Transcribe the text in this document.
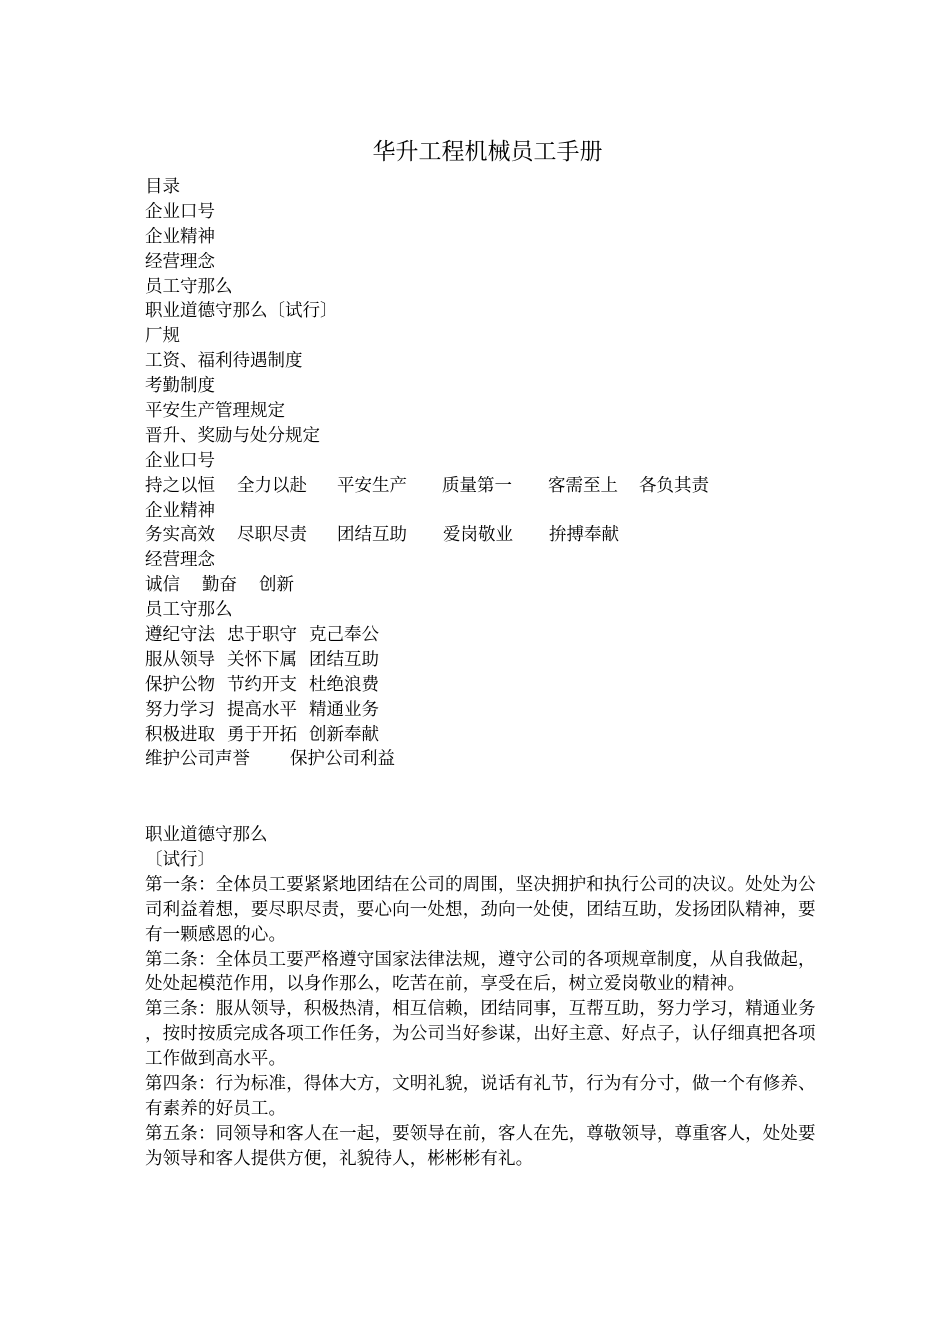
华升工程机械员工手册
目录
企业口号
企业精神
经营理念
员工守那么
职业道德守那么〔试行〕
厂规
工资、福利待遇制度
考勤制度
平安生产管理规定
晋升、奖励与处分规定
企业口号
持之以恒 全力以赴 平安生产 质量第一 客需至上 各负其责
企业精神
务实高效 尽职尽责 团结互助 爱岗敬业 拚搏奉献
经营理念
诚信 勤奋 创新
员工守那么
遵纪守法 忠于职守 克己奉公
服从领导 关怀下属 团结互助
保护公物 节约开支 杜绝浪费
努力学习 提高水平 精通业务
积极进取 勇于开拓 创新奉献
维护公司声誉 保护公司利益
职业道德守那么
〔试行〕

第一条：全体员工要紧紧地团结在公司的周围，坚决拥护和执行公司的决议。处处为公司利益着想，要尽职尽责，要心向一处想，劲向一处使，团结互助，发扬团队精神，要有一颗感恩的心。

第二条：全体员工要严格遵守国家法律法规，遵守公司的各项规章制度，从自我做起，处处起模范作用，以身作那么，吃苦在前，享受在后，树立爱岗敬业的精神。

第三条：服从领导，积极热清，相互信赖，团结同事，互帮互助，努力学习，精通业务，按时按质完成各项工作任务，为公司当好参谋，出好主意、好点子，认仔细真把各项工作做到高水平。

第四条：行为标准，得体大方，文明礼貌，说话有礼节，行为有分寸，做一个有修养、有素养的好员工。

第五条：同领导和客人在一起，要领导在前，客人在先，尊敬领导，尊重客人，处处要为领导和客人提供方便，礼貌待人，彬彬彬有礼。
